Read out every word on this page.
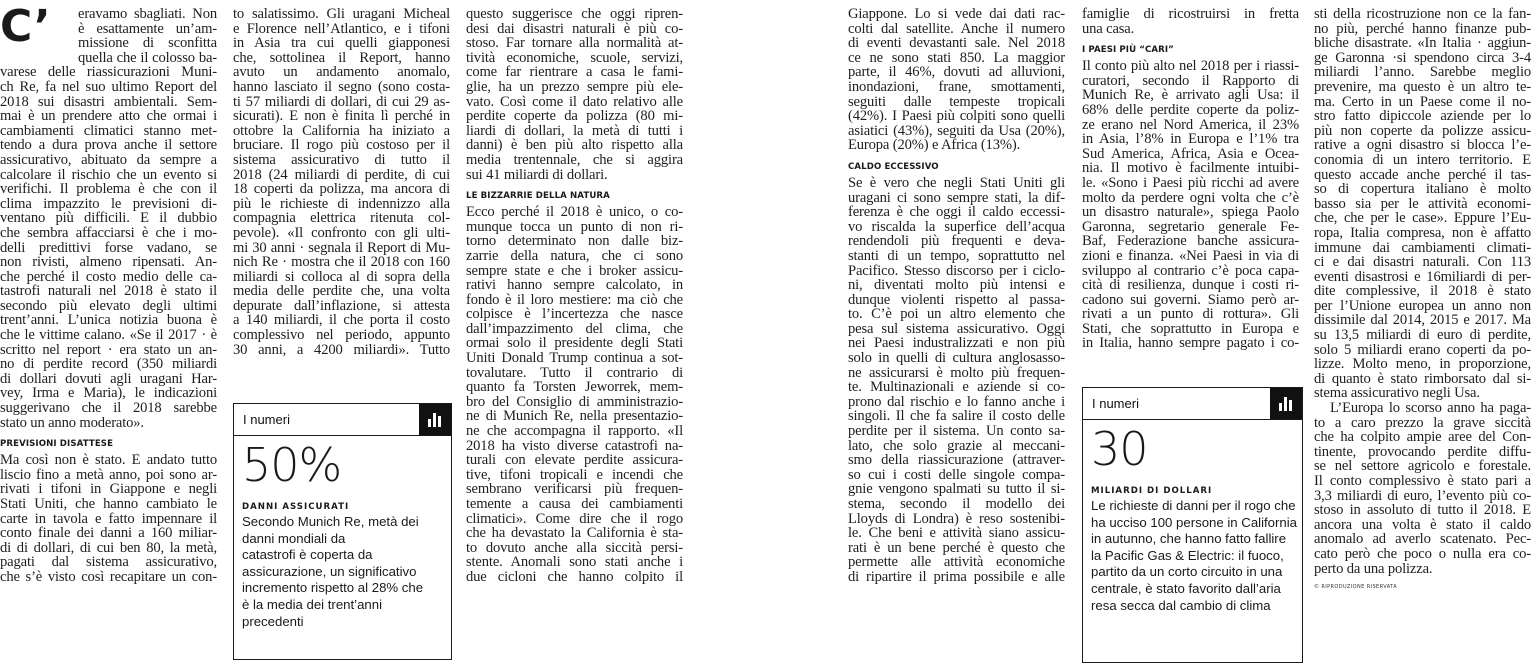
C’ eravamo sbagliati. Non
è esattamente un’am-
missione di sconfitta
quella che il colosso ba-
varese delle riassicurazioni Muni-
ch Re, fa nel suo ultimo Report del
2018 sui disastri ambientali. Sem-
mai è un prendere atto che ormai i
cambiamenti climatici stanno met-
tendo a dura prova anche il settore
assicurativo, abituato da sempre a
calcolare il rischio che un evento si
verifichi. Il problema è che con il
clima impazzito le previsioni di-
ventano più difficili. E il dubbio
che sembra affacciarsi è che i mo-
delli predittivi forse vadano, se
non rivisti, almeno ripensati. An-
che perché il costo medio delle ca-
tastrofi naturali nel 2018 è stato il
secondo più elevato degli ultimi
trent’anni. L’unica notizia buona è
che le vittime calano. «Se il 2017 · è
scritto nel report · era stato un an-
no di perdite record (350 miliardi
di dollari dovuti agli uragani Har-
vey, Irma e Maria), le indicazioni
suggerivano che il 2018 sarebbe
stato un anno moderato».
PREVISIONI DISATTESE
Ma così non è stato. È andato tutto
liscio fino a metà anno, poi sono ar-
rivati i tifoni in Giappone e negli
Stati Uniti, che hanno cambiato le
carte in tavola e fatto impennare il
conto finale dei danni a 160 miliar-
di di dollari, di cui ben 80, la metà,
pagati dal sistema assicurativo,
che s’è visto così recapitare un con-
to salatissimo. Gli uragani Micheal
e Florence nell’Atlantico, e i tifoni
in Asia tra cui quelli giapponesi
che, sottolinea il Report, hanno
avuto un andamento anomalo,
hanno lasciato il segno (sono costa-
ti 57 miliardi di dollari, di cui 29 as-
sicurati). E non è finita lì perché in
ottobre la California ha iniziato a
bruciare. Il rogo più costoso per il
sistema assicurativo di tutto il
2018 (24 miliardi di perdite, di cui
18 coperti da polizza, ma ancora di
più le richieste di indennizzo alla
compagnia elettrica ritenuta col-
pevole). «Il confronto con gli ulti-
mi 30 anni · segnala il Report di Mu-
nich Re · mostra che il 2018 con 160
miliardi si colloca al di sopra della
media delle perdite che, una volta
depurate dall’inflazione, si attesta
a 140 miliardi, il che porta il costo
complessivo nel periodo, appunto
30 anni, a 4200 miliardi». Tutto
I numeri
50%
DANNI ASSICURATI
Secondo Munich Re, metà dei
danni mondiali da
catastrofi è coperta da
assicurazione, un significativo
incremento rispetto al 28% che
è la media dei trent’anni
precedenti
questo suggerisce che oggi ripren-
desi dai disastri naturali è più co-
stoso. Far tornare alla normalità at-
tività economiche, scuole, servizi,
come far rientrare a casa le fami-
glie, ha un prezzo sempre più ele-
vato. Così come il dato relativo alle
perdite coperte da polizza (80 mi-
liardi di dollari, la metà di tutti i
danni) è ben più alto rispetto alla
media trentennale, che si aggira
sui 41 miliardi di dollari.
LE BIZZARRIE DELLA NATURA
Ecco perché il 2018 è unico, o co-
munque tocca un punto di non ri-
torno determinato non dalle biz-
zarrie della natura, che ci sono
sempre state e che i broker assicu-
rativi hanno sempre calcolato, in
fondo è il loro mestiere: ma ciò che
colpisce è l’incertezza che nasce
dall’impazzimento del clima, che
ormai solo il presidente degli Stati
Uniti Donald Trump continua a sot-
tovalutare. Tutto il contrario di
quanto fa Torsten Jeworrek, mem-
bro del Consiglio di amministrazio-
ne di Munich Re, nella presentazio-
ne che accompagna il rapporto. «Il
2018 ha visto diverse catastrofi na-
turali con elevate perdite assicura-
tive, tifoni tropicali e incendi che
sembrano verificarsi più frequen-
temente a causa dei cambiamenti
climatici». Come dire che il rogo
che ha devastato la California è sta-
to dovuto anche alla siccità persi-
stente. Anomali sono stati anche i
due cicloni che hanno colpito il
Giappone. Lo si vede dai dati rac-
colti dal satellite. Anche il numero
di eventi devastanti sale. Nel 2018
ce ne sono stati 850. La maggior
parte, il 46%, dovuti ad alluvioni,
inondazioni, frane, smottamenti,
seguiti dalle tempeste tropicali
(42%). I Paesi più colpiti sono quelli
asiatici (43%), seguiti da Usa (20%),
Europa (20%) e Africa (13%).
CALDO ECCESSIVO
Se è vero che negli Stati Uniti gli
uragani ci sono sempre stati, la dif-
ferenza è che oggi il caldo eccessi-
vo riscalda la superfice dell’acqua
rendendoli più frequenti e deva-
stanti di un tempo, soprattutto nel
Pacifico. Stesso discorso per i ciclo-
ni, diventati molto più intensi e
dunque violenti rispetto al passa-
to. C’è poi un altro elemento che
pesa sul sistema assicurativo. Oggi
nei Paesi industralizzati e non più
solo in quelli di cultura anglosasso-
ne assicurarsi è molto più frequen-
te. Multinazionali e aziende si co-
prono dal rischio e lo fanno anche i
singoli. Il che fa salire il costo delle
perdite per il sistema. Un conto sa-
lato, che solo grazie al meccani-
smo della riassicurazione (attraver-
so cui i costi delle singole compa-
gnie vengono spalmati su tutto il si-
stema, secondo il modello dei
Lloyds di Londra) è reso sostenibi-
le. Che beni e attività siano assicu-
rati è un bene perché è questo che
permette alle attività economiche
di ripartire il prima possibile e alle
famiglie di ricostruirsi in fretta
una casa.
I PAESI PIÙ “CARI”
Il conto più alto nel 2018 per i riassi-
curatori, secondo il Rapporto di
Munich Re, è arrivato agli Usa: il
68% delle perdite coperte da poliz-
ze erano nel Nord America, il 23%
in Asia, l’8% in Europa e l’1% tra
Sud America, Africa, Asia e Ocea-
nia. Il motivo è facilmente intuibi-
le. «Sono i Paesi più ricchi ad avere
molto da perdere ogni volta che c’è
un disastro naturale», spiega Paolo
Garonna, segretario generale Fe-
Baf, Federazione banche assicura-
zioni e finanza. «Nei Paesi in via di
sviluppo al contrario c’è poca capa-
cità di resilienza, dunque i costi ri-
cadono sui governi. Siamo però ar-
rivati a un punto di rottura». Gli
Stati, che soprattutto in Europa e
in Italia, hanno sempre pagato i co-
I numeri
30
MILIARDI DI DOLLARI
Le richieste di danni per il rogo che
ha ucciso 100 persone in California
in autunno, che hanno fatto fallire
la Pacific Gas & Electric: il fuoco,
partito da un corto circuito in una
centrale, è stato favorito dall’aria
resa secca dal cambio di clima
sti della ricostruzione non ce la fan-
no più, perché hanno finanze pub-
bliche disastrate. «In Italia · aggiun-
ge Garonna ·si spendono circa 3-4
miliardi l’anno. Sarebbe meglio
prevenire, ma questo è un altro te-
ma. Certo in un Paese come il no-
stro fatto dipiccole aziende per lo
più non coperte da polizze assicu-
rative a ogni disastro si blocca l’e-
conomia di un intero territorio. E
questo accade anche perché il tas-
so di copertura italiano è molto
basso sia per le attività economi-
che, che per le case». Eppure l’Eu-
ropa, Italia compresa, non è affatto
immune dai cambiamenti climati-
ci e dai disastri naturali. Con 113
eventi disastrosi e 16miliardi di per-
dite complessive, il 2018 è stato
per l’Unione europea un anno non
dissimile dal 2014, 2015 e 2017. Ma
su 13,5 miliardi di euro di perdite,
solo 5 miliardi erano coperti da po-
lizze. Molto meno, in proporzione,
di quanto è stato rimborsato dal si-
stema assicurativo negli Usa.
L’Europa lo scorso anno ha paga-
to a caro prezzo la grave siccità
che ha colpito ampie aree del Con-
tinente, provocando perdite diffu-
se nel settore agricolo e forestale.
Il conto complessivo è stato pari a
3,3 miliardi di euro, l’evento più co-
stoso in assoluto di tutto il 2018. E
ancora una volta è stato il caldo
anomalo ad averlo scatenato. Pec-
cato però che poco o nulla era co-
perto da una polizza.
© RIPRODUZIONE RISERVATA
